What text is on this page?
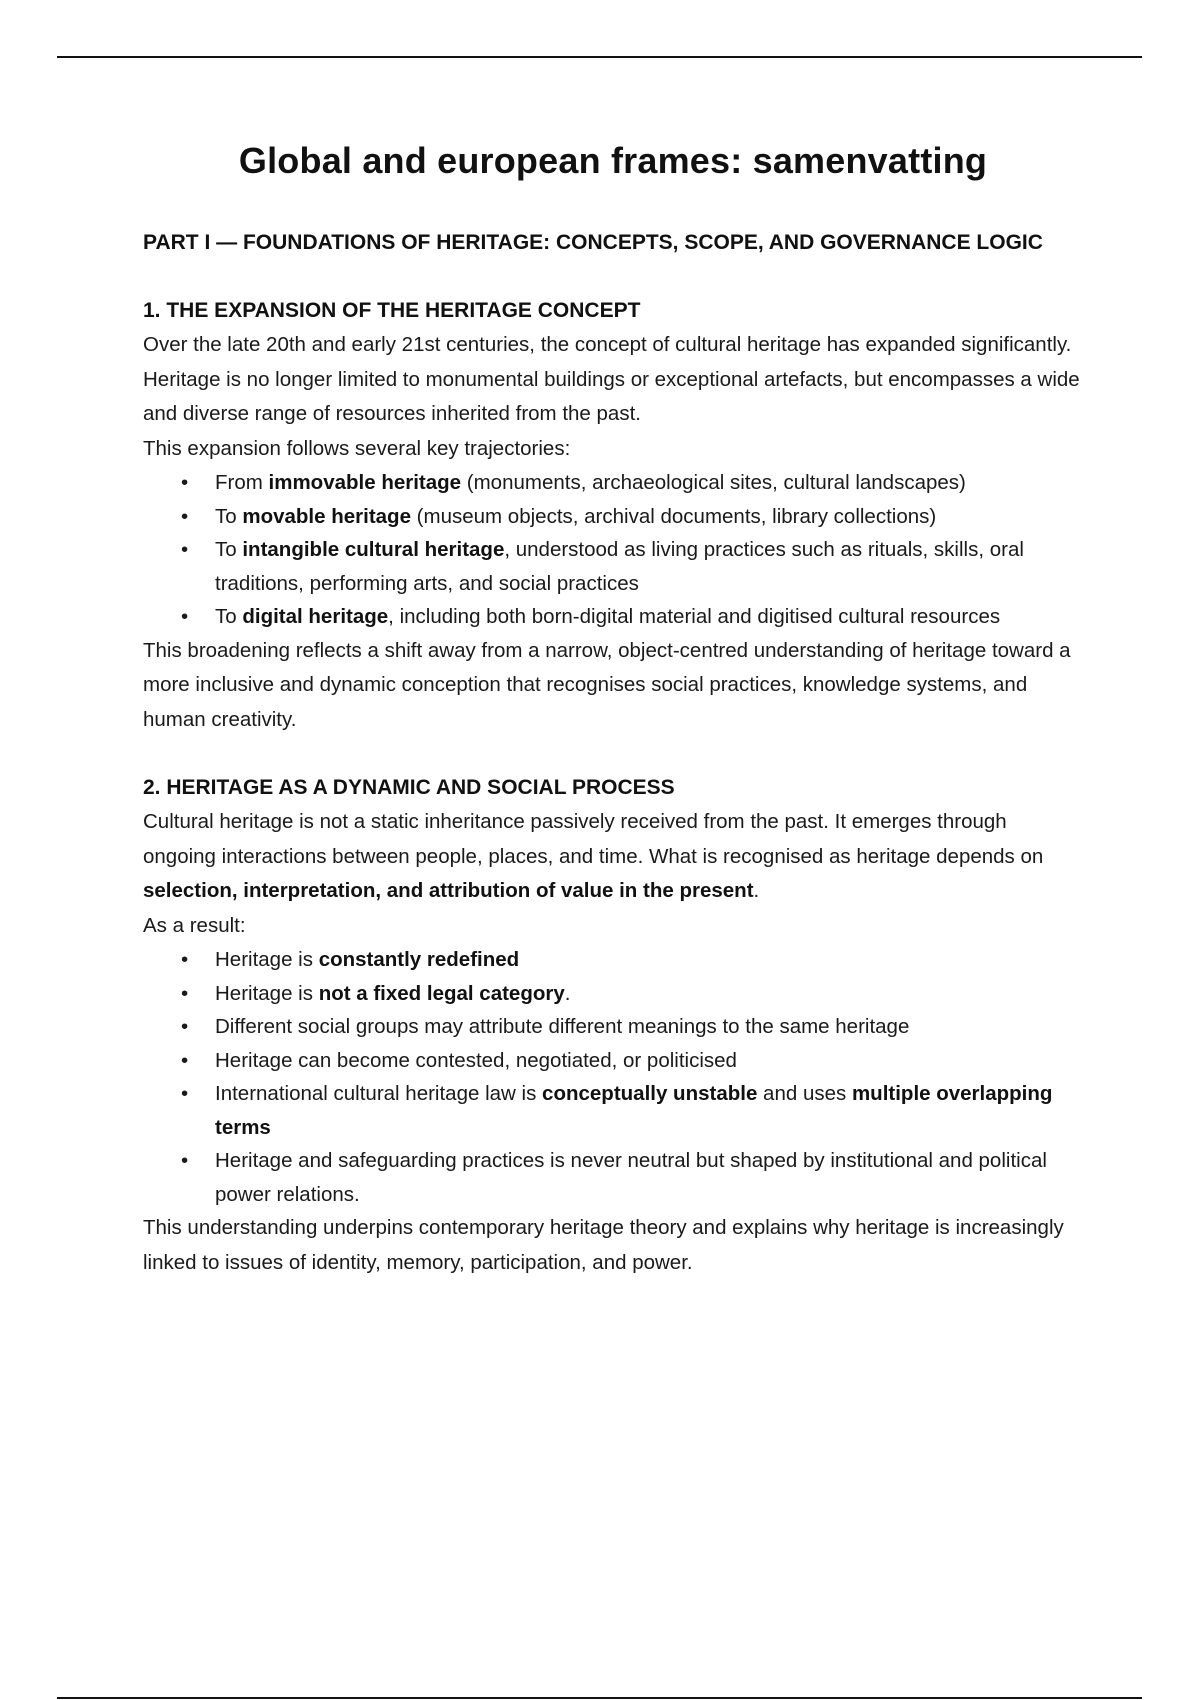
Global and european frames: samenvatting
PART I — FOUNDATIONS OF HERITAGE: CONCEPTS, SCOPE, AND GOVERNANCE LOGIC
1. THE EXPANSION OF THE HERITAGE CONCEPT

Over the late 20th and early 21st centuries, the concept of cultural heritage has expanded significantly. Heritage is no longer limited to monumental buildings or exceptional artefacts, but encompasses a wide and diverse range of resources inherited from the past.

This expansion follows several key trajectories:

• From immovable heritage (monuments, archaeological sites, cultural landscapes)
• To movable heritage (museum objects, archival documents, library collections)
• To intangible cultural heritage, understood as living practices such as rituals, skills, oral traditions, performing arts, and social practices
• To digital heritage, including both born-digital material and digitised cultural resources

This broadening reflects a shift away from a narrow, object-centred understanding of heritage toward a more inclusive and dynamic conception that recognises social practices, knowledge systems, and human creativity.

2. HERITAGE AS A DYNAMIC AND SOCIAL PROCESS

Cultural heritage is not a static inheritance passively received from the past. It emerges through ongoing interactions between people, places, and time. What is recognised as heritage depends on selection, interpretation, and attribution of value in the present.

As a result:

• Heritage is constantly redefined
• Heritage is not a fixed legal category.
• Different social groups may attribute different meanings to the same heritage
• Heritage can become contested, negotiated, or politicised
• International cultural heritage law is conceptually unstable and uses multiple overlapping terms
• Heritage and safeguarding practices is never neutral but shaped by institutional and political power relations.

This understanding underpins contemporary heritage theory and explains why heritage is increasingly linked to issues of identity, memory, participation, and power.
